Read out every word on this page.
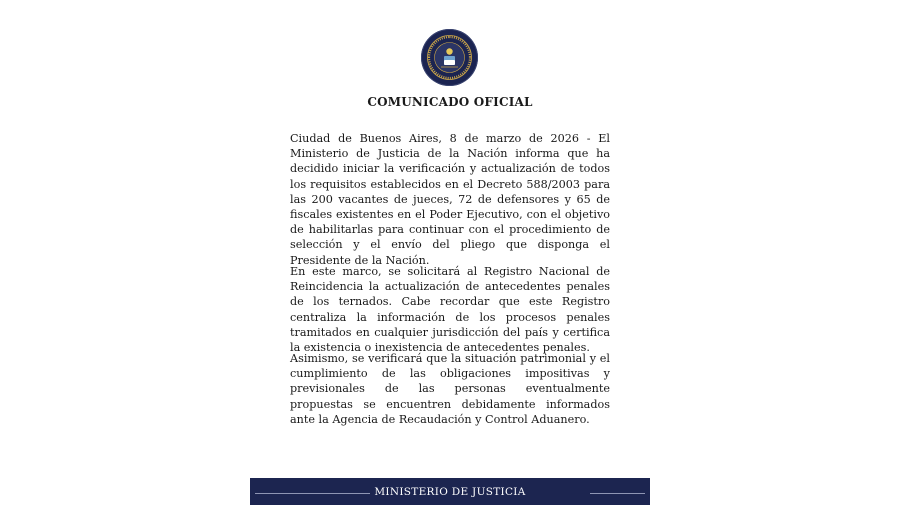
COMUNICADO OFICIAL

Ciudad de Buenos Aires, 8 de marzo de 2026 - El Ministerio de Justicia de la Nación informa que ha decidido iniciar la verificación y actualización de todos los requisitos establecidos en el Decreto 588/2003 para las 200 vacantes de jueces, 72 de defensores y 65 de fiscales existentes en el Poder Ejecutivo, con el objetivo de habilitarlas para continuar con el procedimiento de selección y el envío del pliego que disponga el Presidente de la Nación.

En este marco, se solicitará al Registro Nacional de Reincidencia la actualización de antecedentes penales de los ternados. Cabe recordar que este Registro centraliza la información de los procesos penales tramitados en cualquier jurisdicción del país y certifica la existencia o inexistencia de antecedentes penales.

Asimismo, se verificará que la situación patrimonial y el cumplimiento de las obligaciones impositivas y previsionales de las personas eventualmente propuestas se encuentren debidamente informados ante la Agencia de Recaudación y Control Aduanero.

MINISTERIO DE JUSTICIA
